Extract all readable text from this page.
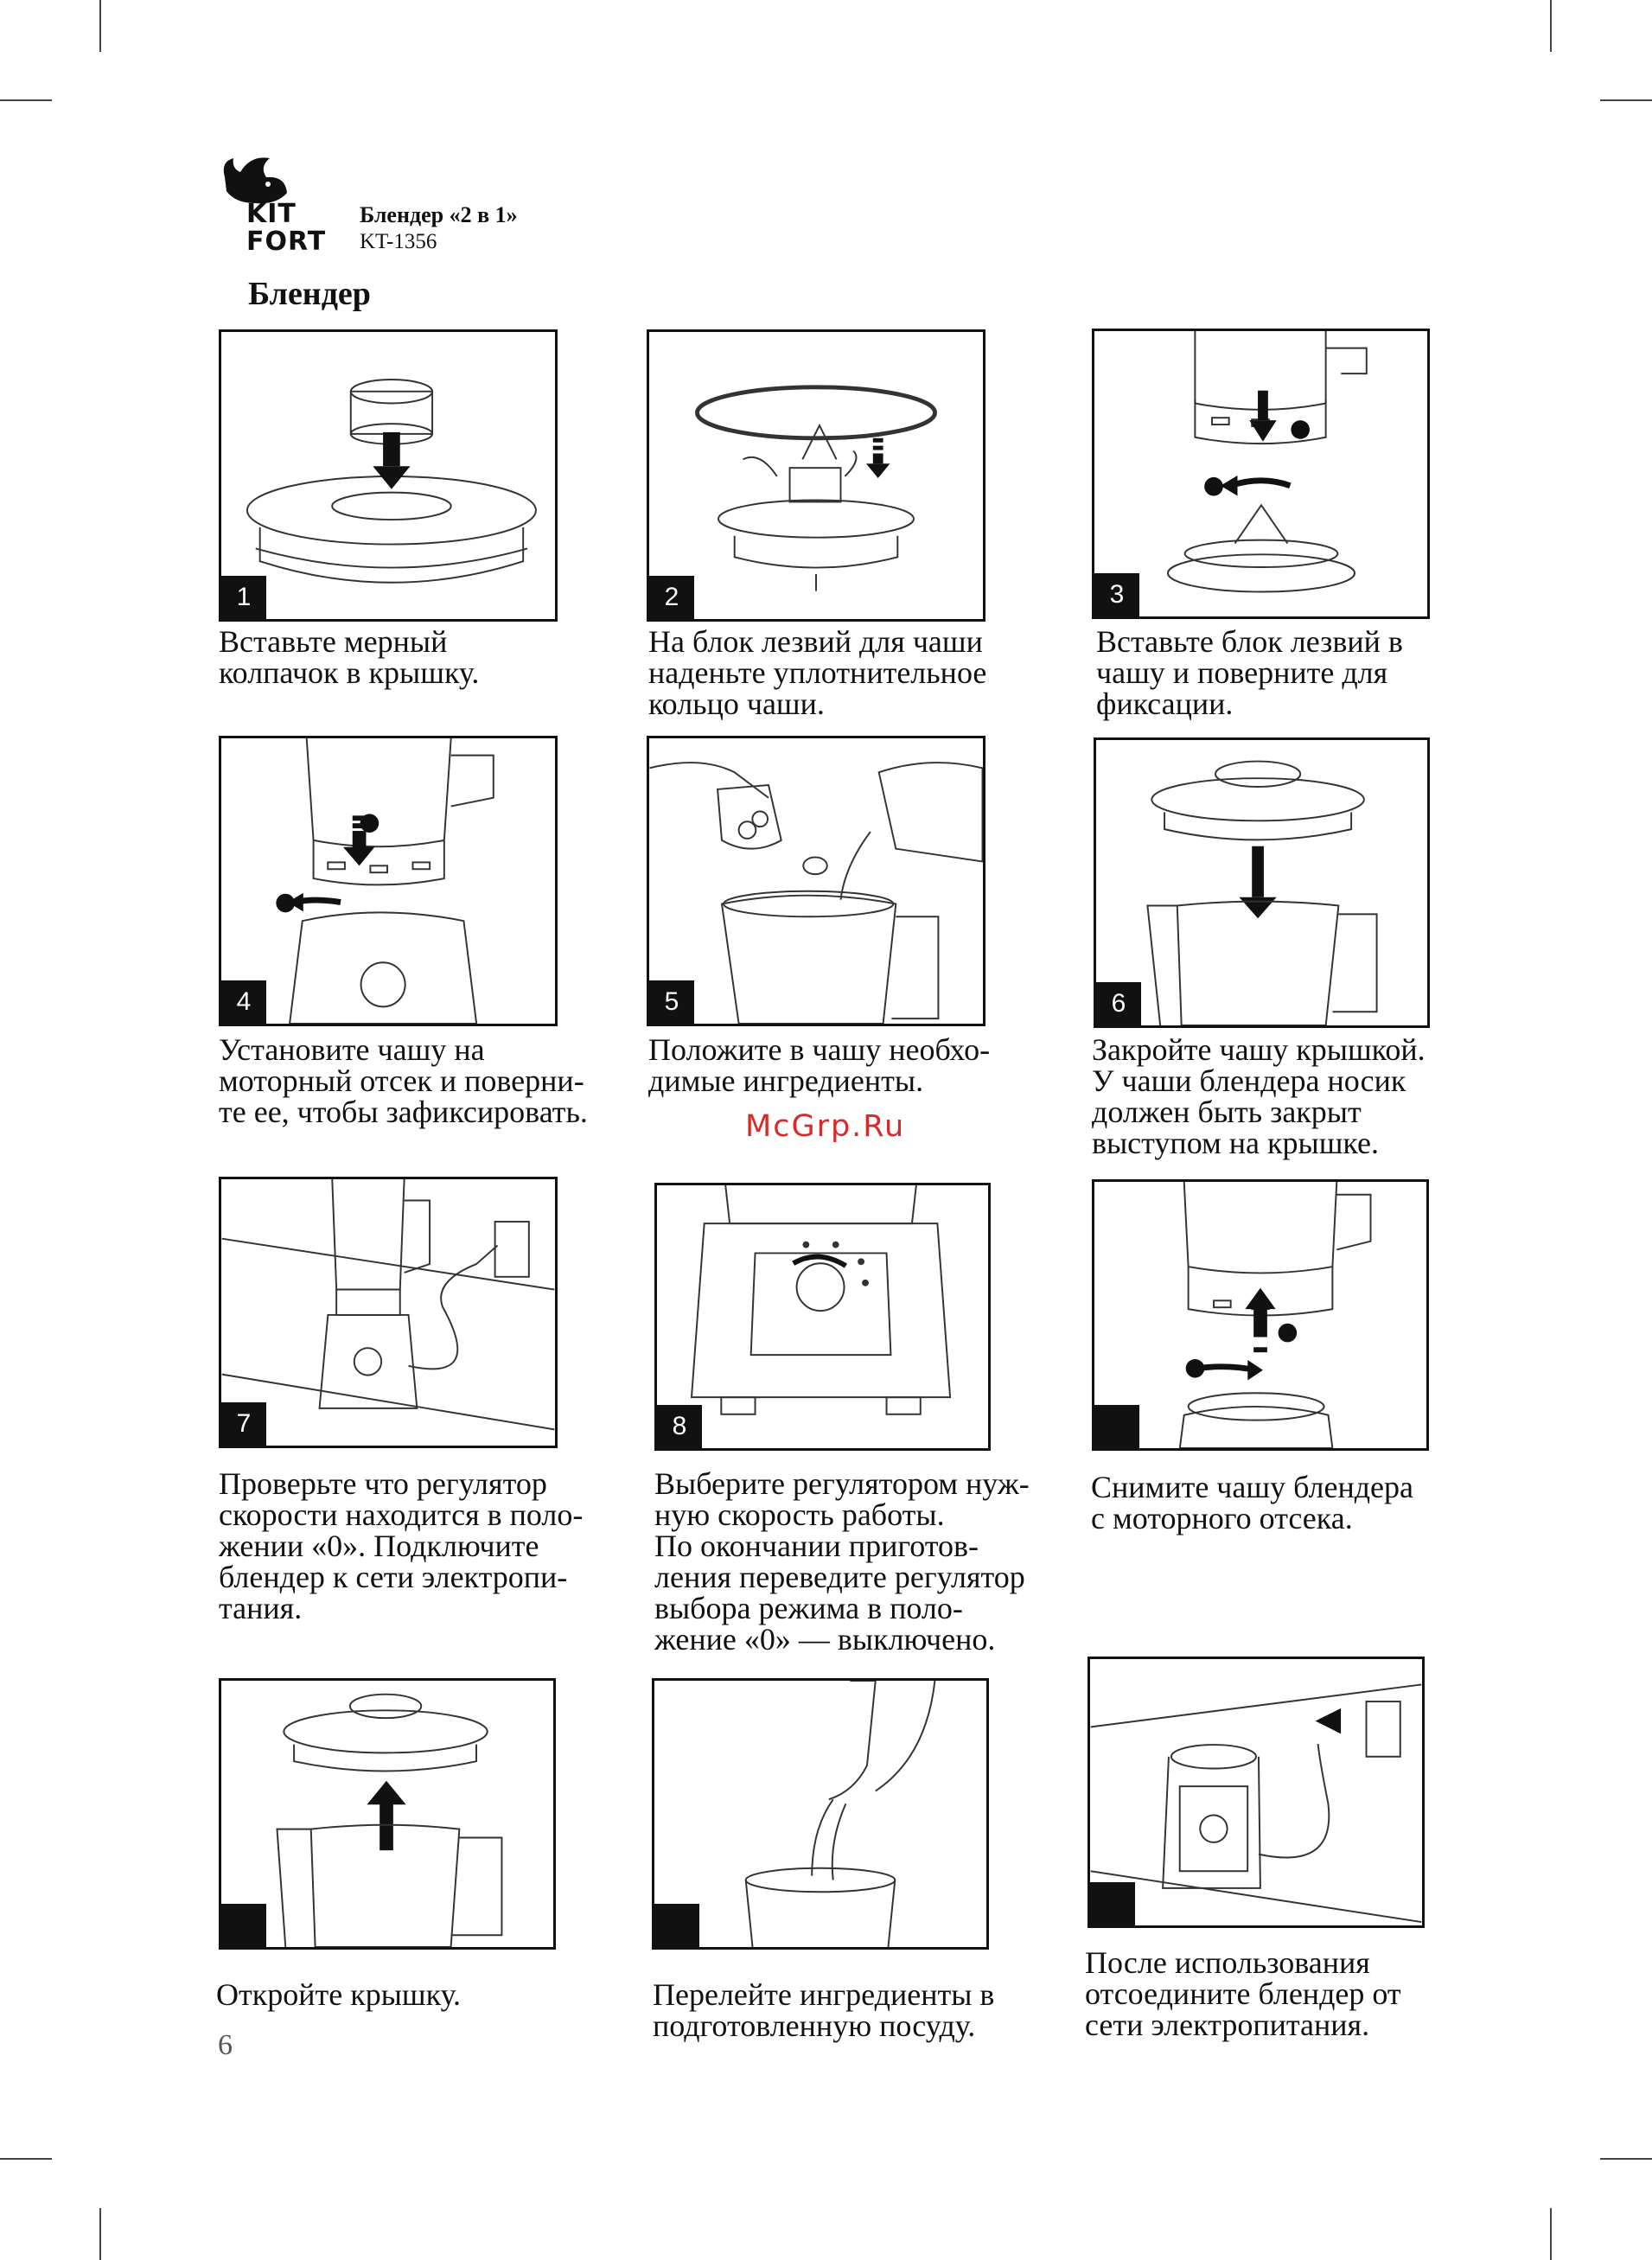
KIT
FORT
Блендер «2 в 1»
KT-1356
Блендер
1
Вставьте мерный
колпачок в крышку.
2
На блок лезвий для чаши
наденьте уплотнительное
кольцо чаши.
3
Вставьте блок лезвий в
чашу и поверните для
фиксации.
4
Установите чашу на
моторный отсек и поверни-
те ее, чтобы зафиксировать.
5
Положите в чашу необхо-
димые ингредиенты.
6
Закройте чашу крышкой.
У чаши блендера носик
должен быть закрыт
выступом на крышке.
McGrp.Ru
7
Проверьте что регулятор
скорости находится в поло-
жении «0». Подключите
блендер к сети электропи-
тания.
8
Выберите регулятором нуж-
ную скорость работы.
По окончании приготов-
ления переведите регулятор
выбора режима в поло-
жение «0» — выключено.
Снимите чашу блендера
с моторного отсека.
Откройте крышку.	Перелейте ингредиенты в
подготовленную посуду.
После использования
отсоедините блендер от
сети электропитания.
6
